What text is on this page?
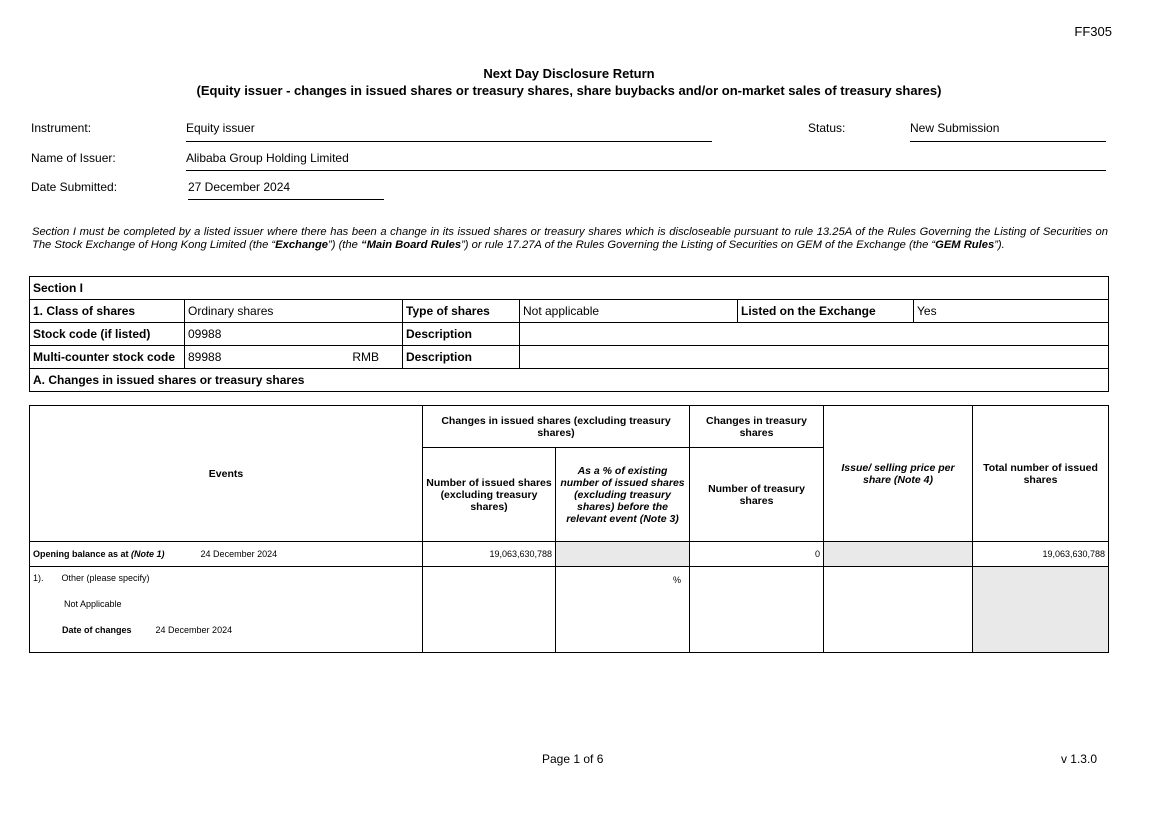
FF305
Next Day Disclosure Return
(Equity issuer - changes in issued shares or treasury shares, share buybacks and/or on-market sales of treasury shares)
Instrument:	Equity issuer	Status:	New Submission
Name of Issuer:	Alibaba Group Holding Limited
Date Submitted:	27 December 2024
Section I must be completed by a listed issuer where there has been a change in its issued shares or treasury shares which is discloseable pursuant to rule 13.25A of the Rules Governing the Listing of Securities on The Stock Exchange of Hong Kong Limited (the “Exchange”) (the “Main Board Rules”) or rule 17.27A of the Rules Governing the Listing of Securities on GEM of the Exchange (the “GEM Rules”).
Section I					
1. Class of shares	Ordinary shares	Type of shares	Not applicable	Listed on the Exchange	Yes
Stock code (if listed)	09988	Description			
Multi-counter stock code	89988 RMB	Description			
A. Changes in issued shares or treasury shares					
Events	Changes in issued shares (excluding treasury shares)		Changes in treasury shares	Issue/ selling price per share (Note 4)	Total number of issued shares
	Number of issued shares (excluding treasury shares)	As a % of existing number of issued shares (excluding treasury shares) before the relevant event (Note 3)	Number of treasury shares		
Opening balance as at (Note 1) 24 December 2024	19,063,630,788		0		19,063,630,788

1). Other (please specify)
Not Applicable
Date of changes 24 December 2024		%			
Page 1 of 6	v 1.3.0
